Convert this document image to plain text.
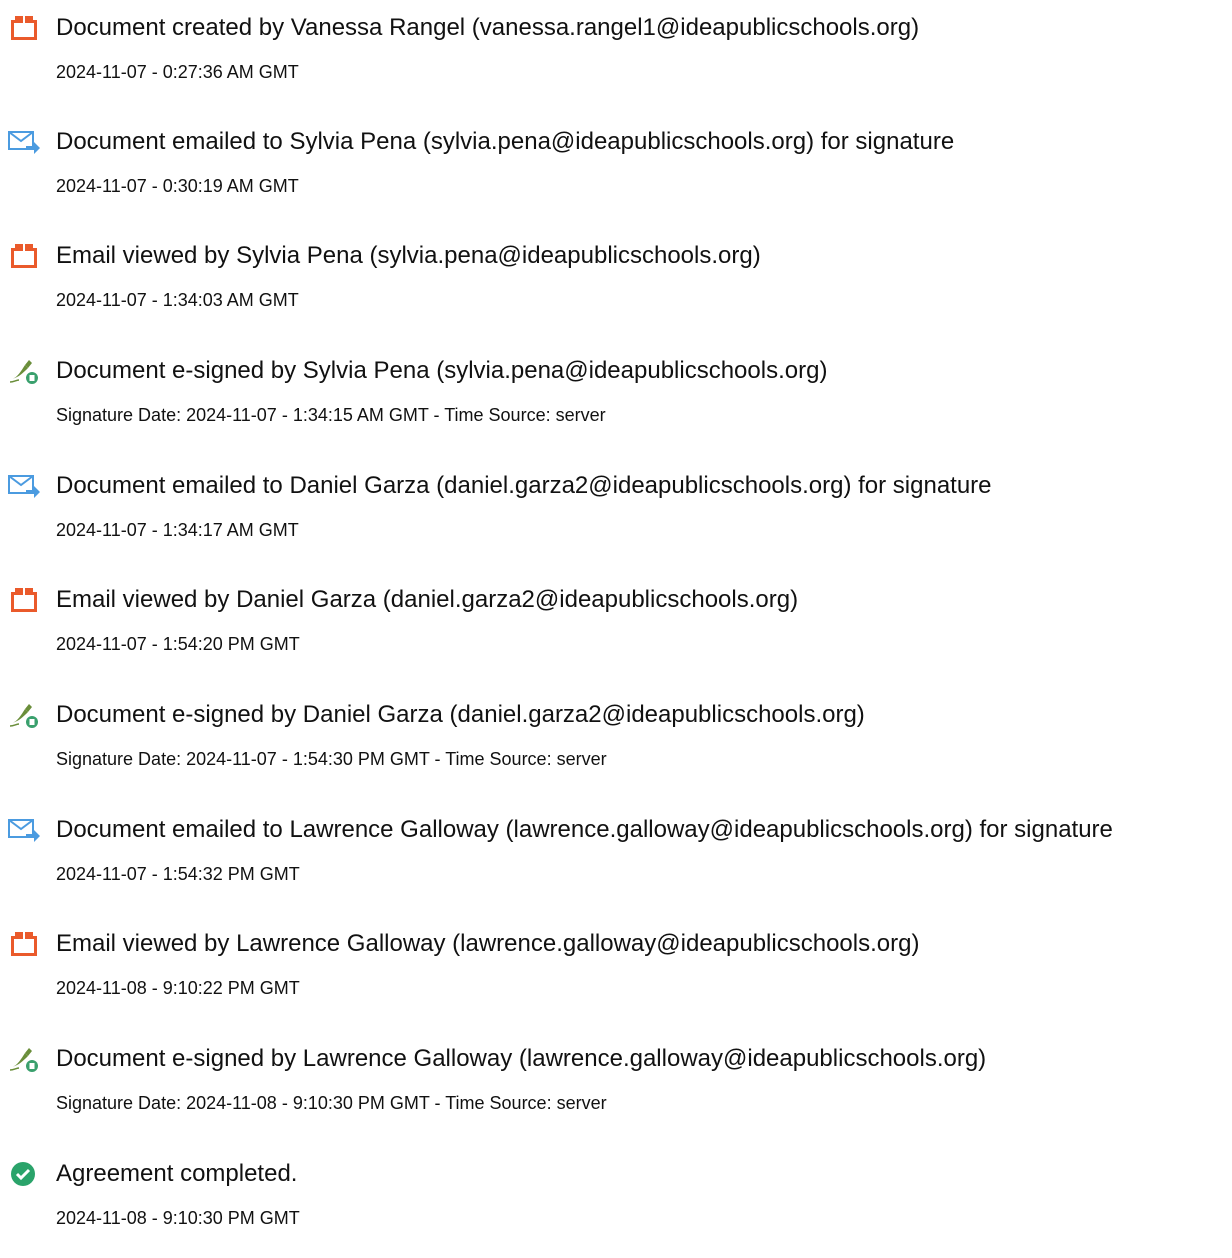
Document created by Vanessa Rangel (vanessa.rangel1@ideapublicschools.org)
2024-11-07 - 0:27:36 AM GMT
Document emailed to Sylvia Pena (sylvia.pena@ideapublicschools.org) for signature
2024-11-07 - 0:30:19 AM GMT
Email viewed by Sylvia Pena (sylvia.pena@ideapublicschools.org)
2024-11-07 - 1:34:03 AM GMT
Document e-signed by Sylvia Pena (sylvia.pena@ideapublicschools.org)
Signature Date: 2024-11-07 - 1:34:15 AM GMT - Time Source: server
Document emailed to Daniel Garza (daniel.garza2@ideapublicschools.org) for signature
2024-11-07 - 1:34:17 AM GMT
Email viewed by Daniel Garza (daniel.garza2@ideapublicschools.org)
2024-11-07 - 1:54:20 PM GMT
Document e-signed by Daniel Garza (daniel.garza2@ideapublicschools.org)
Signature Date: 2024-11-07 - 1:54:30 PM GMT - Time Source: server
Document emailed to Lawrence Galloway (lawrence.galloway@ideapublicschools.org) for signature
2024-11-07 - 1:54:32 PM GMT
Email viewed by Lawrence Galloway (lawrence.galloway@ideapublicschools.org)
2024-11-08 - 9:10:22 PM GMT
Document e-signed by Lawrence Galloway (lawrence.galloway@ideapublicschools.org)
Signature Date: 2024-11-08 - 9:10:30 PM GMT - Time Source: server
Agreement completed.
2024-11-08 - 9:10:30 PM GMT
